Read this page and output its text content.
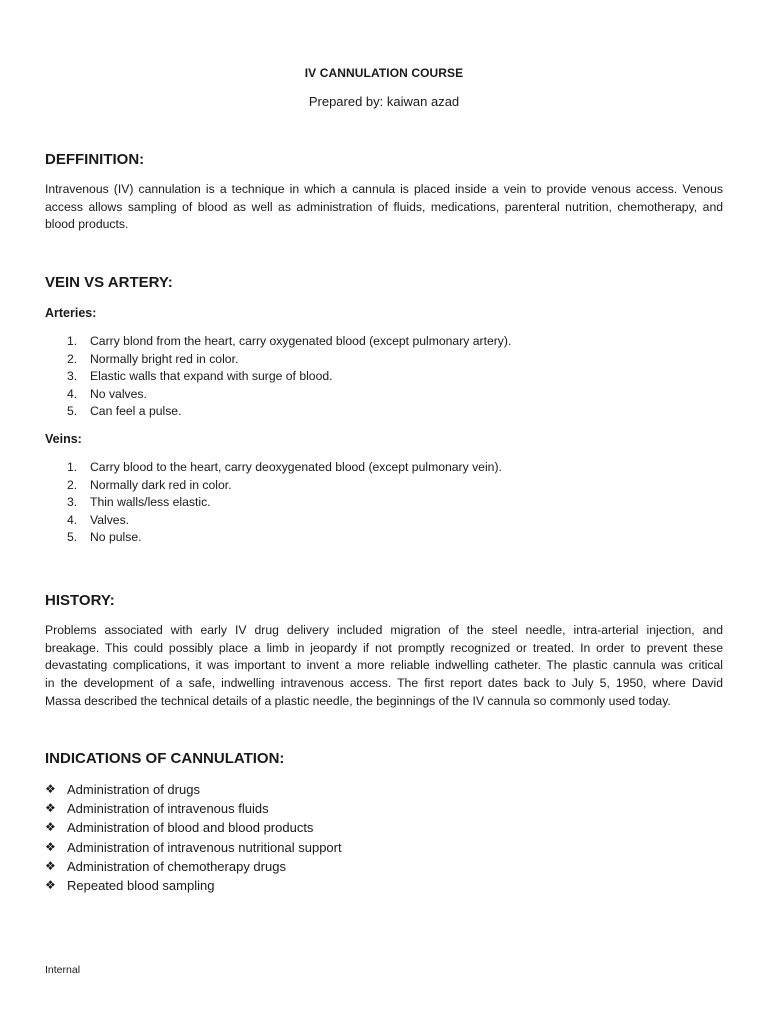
IV CANNULATION COURSE
Prepared by: kaiwan azad
DEFFINITION:
Intravenous (IV) cannulation is a technique in which a cannula is placed inside a vein to provide venous access. Venous
access allows sampling of blood as well as administration of fluids, medications, parenteral nutrition, chemotherapy, and
blood products.
VEIN VS ARTERY:
Arteries:
1. Carry blond from the heart, carry oxygenated blood (except pulmonary artery).
2. Normally bright red in color.
3. Elastic walls that expand with surge of blood.
4. No valves.
5. Can feel a pulse.
Veins:
1. Carry blood to the heart, carry deoxygenated blood (except pulmonary vein).
2. Normally dark red in color.
3. Thin walls/less elastic.
4. Valves.
5. No pulse.
HISTORY:
Problems associated with early IV drug delivery included migration of the steel needle, intra-arterial injection, and
breakage. This could possibly place a limb in jeopardy if not promptly recognized or treated. In order to prevent these
devastating complications, it was important to invent a more reliable indwelling catheter. The plastic cannula was critical
in the development of a safe, indwelling intravenous access. The first report dates back to July 5, 1950, where David
Massa described the technical details of a plastic needle, the beginnings of the IV cannula so commonly used today.
INDICATIONS OF CANNULATION:
❖ Administration of drugs
❖ Administration of intravenous fluids
❖ Administration of blood and blood products
❖ Administration of intravenous nutritional support
❖ Administration of chemotherapy drugs
❖ Repeated blood sampling
Internal
